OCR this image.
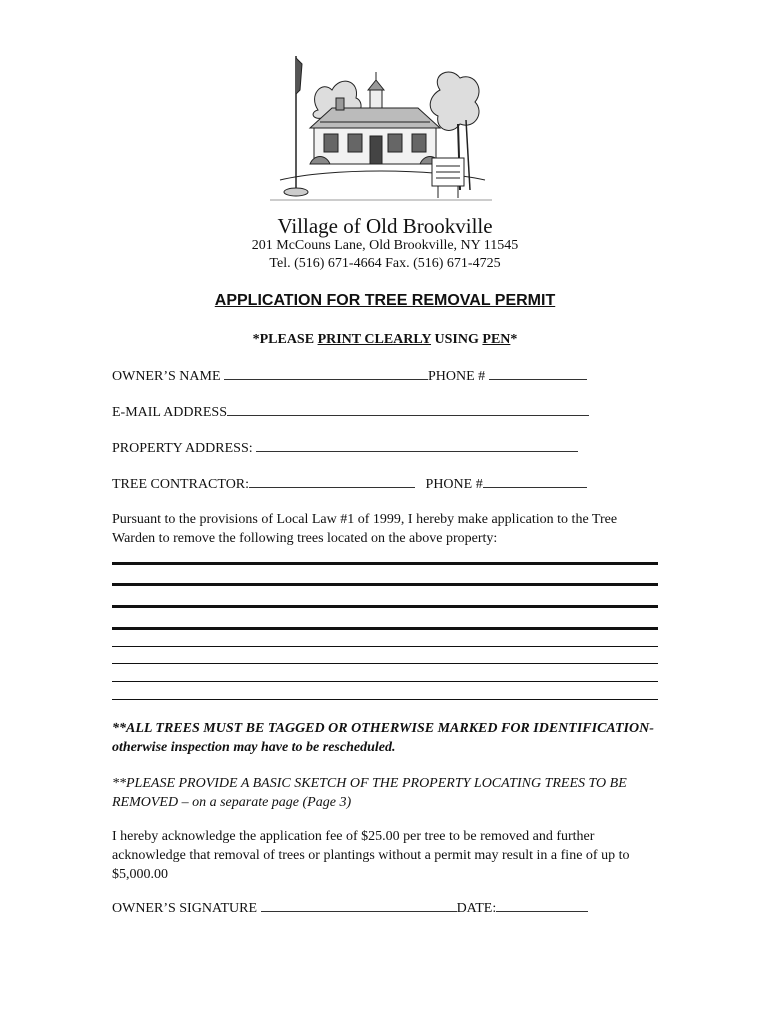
Village of Old Brookville
201 McCouns Lane, Old Brookville, NY 11545
Tel. (516) 671-4664 Fax. (516) 671-4725
APPLICATION FOR TREE REMOVAL PERMIT
*PLEASE PRINT CLEARLY USING PEN*
OWNER’S NAME	PHONE #
E-MAIL ADDRESS
PROPERTY ADDRESS:
TREE CONTRACTOR:	PHONE #
Pursuant to the provisions of Local Law #1 of 1999, I hereby make application to the Tree Warden to remove the following trees located on the above property:
**ALL TREES MUST BE TAGGED OR OTHERWISE MARKED FOR IDENTIFICATION-otherwise inspection may have to be rescheduled.
**PLEASE PROVIDE A BASIC SKETCH OF THE PROPERTY LOCATING TREES TO BE REMOVED – on a separate page (Page 3)
I hereby acknowledge the application fee of $25.00 per tree to be removed and further acknowledge that removal of trees or plantings without a permit may result in a fine of up to $5,000.00
OWNER’S SIGNATURE	DATE:
